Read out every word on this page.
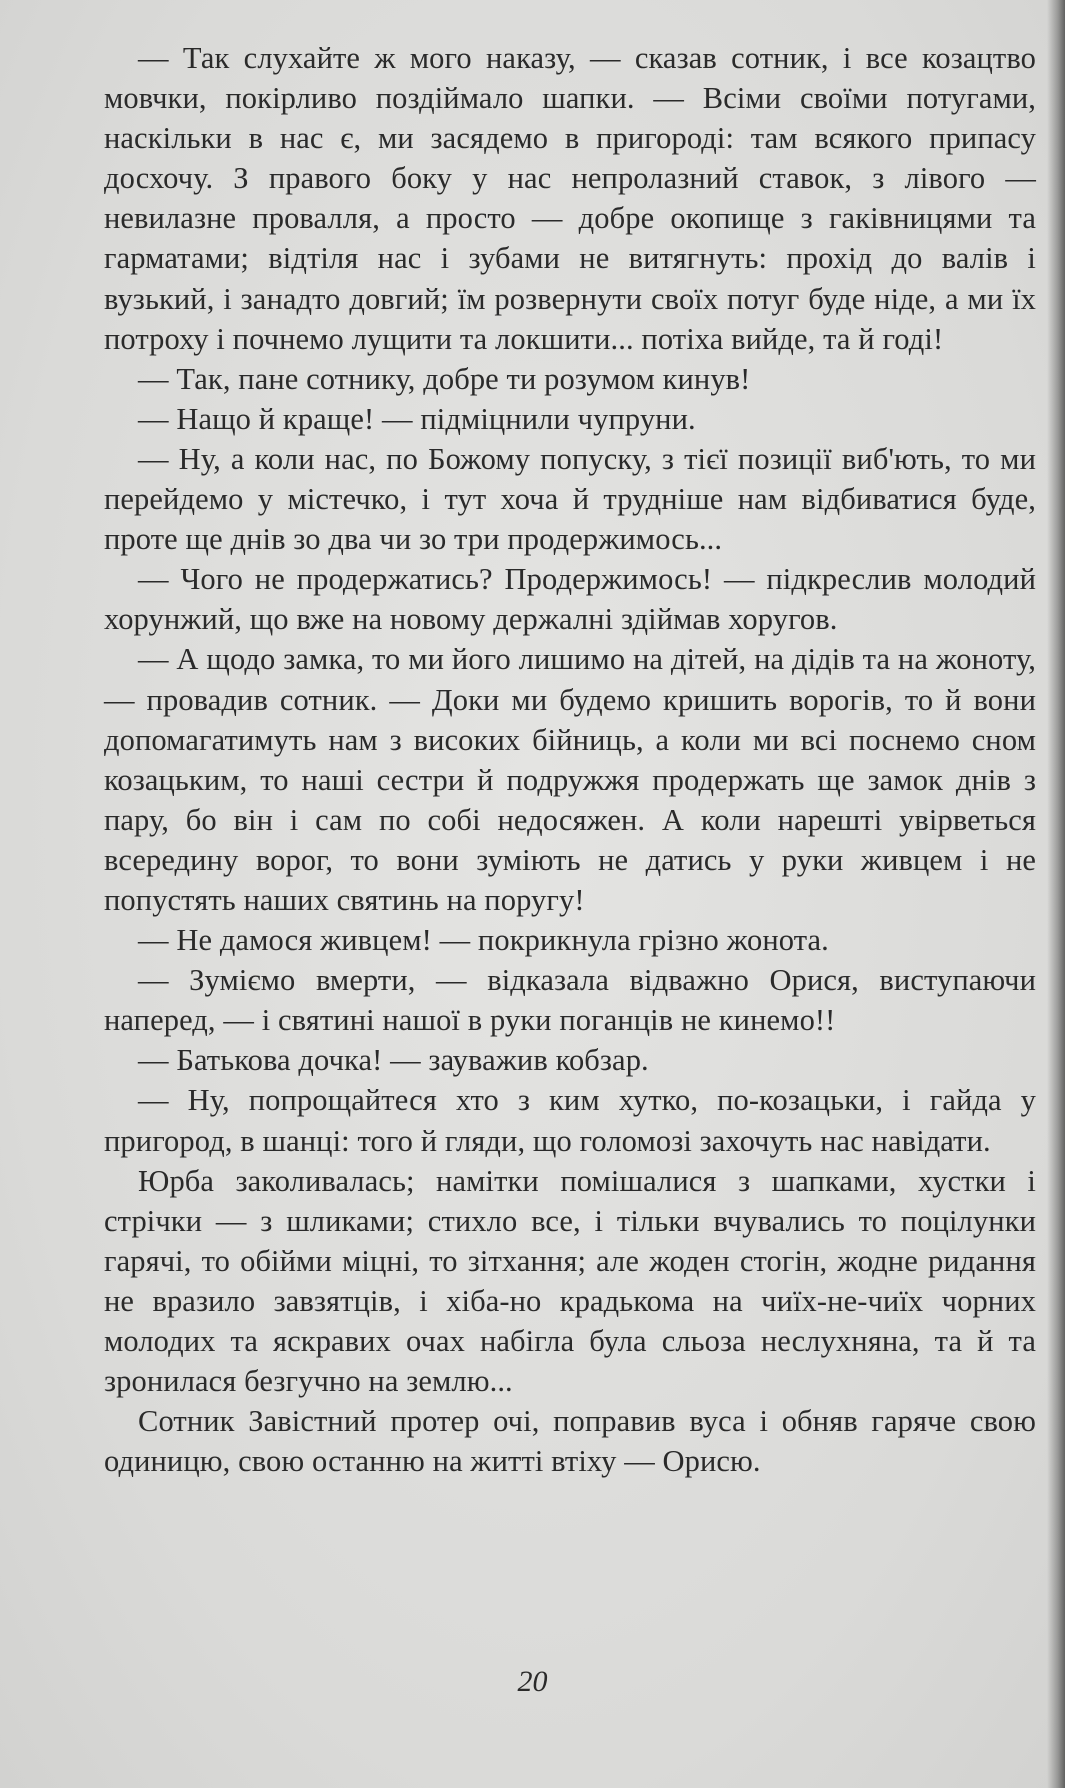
— Так слухайте ж мого наказу, — сказав сотник, і все козацтво мовчки, покірливо поздіймало шапки. — Всіми своїми потугами, наскільки в нас є, ми засядемо в пригороді: там всякого припасу досхочу. З правого боку у нас непролазний ставок, з лівого — невилазне провалля, а просто — добре окопище з гаківницями та гарматами; відтіля нас і зубами не витягнуть: прохід до валів і вузький, і занадто довгий; їм розвернути своїх потуг буде ніде, а ми їх потроху і почнемо лущити та локшити... потіха вийде, та й годі!

— Так, пане сотнику, добре ти розумом кинув!

— Нащо й краще! — підміцнили чупруни.

— Ну, а коли нас, по Божому попуску, з тієї позиції виб'ють, то ми перейдемо у містечко, і тут хоча й трудніше нам відбиватися буде, проте ще днів зо два чи зо три продержимось...

— Чого не продержатись? Продержимось! — підкреслив молодий хорунжий, що вже на новому держалні здіймав хоругов.

— А щодо замка, то ми його лишимо на дітей, на дідів та на жоноту, — провадив сотник. — Доки ми будемо кришить ворогів, то й вони допомагатимуть нам з високих бійниць, а коли ми всі поснемо сном козацьким, то наші сестри й подружжя продержать ще замок днів з пару, бо він і сам по собі недосяжен. А коли нарешті увірветься всередину ворог, то вони зуміють не датись у руки живцем і не попустять наших святинь на поругу!

— Не дамося живцем! — покрикнула грізно жонота.

— Зуміємо вмерти, — відказала відважно Орися, виступаючи наперед, — і святині нашої в руки поганців не кинемо!!

— Батькова дочка! — зауважив кобзар.

— Ну, попрощайтеся хто з ким хутко, по-козацьки, і гайда у пригород, в шанці: того й гляди, що голомозі захочуть нас навідати.

Юрба заколивалась; намітки помішалися з шапками, хустки і стрічки — з шликами; стихло все, і тільки вчувались то поцілунки гарячі, то обійми міцні, то зітхання; але жоден стогін, жодне ридання не вразило завзятців, і хіба-но крадькома на чиїх-не-чиїх чорних молодих та яскравих очах набігла була сльоза неслухняна, та й та зронилася безгучно на землю...

Сотник Завістний протер очі, поправив вуса і обняв гаряче свою одиницю, свою останню на житті втіху — Орисю.

20
